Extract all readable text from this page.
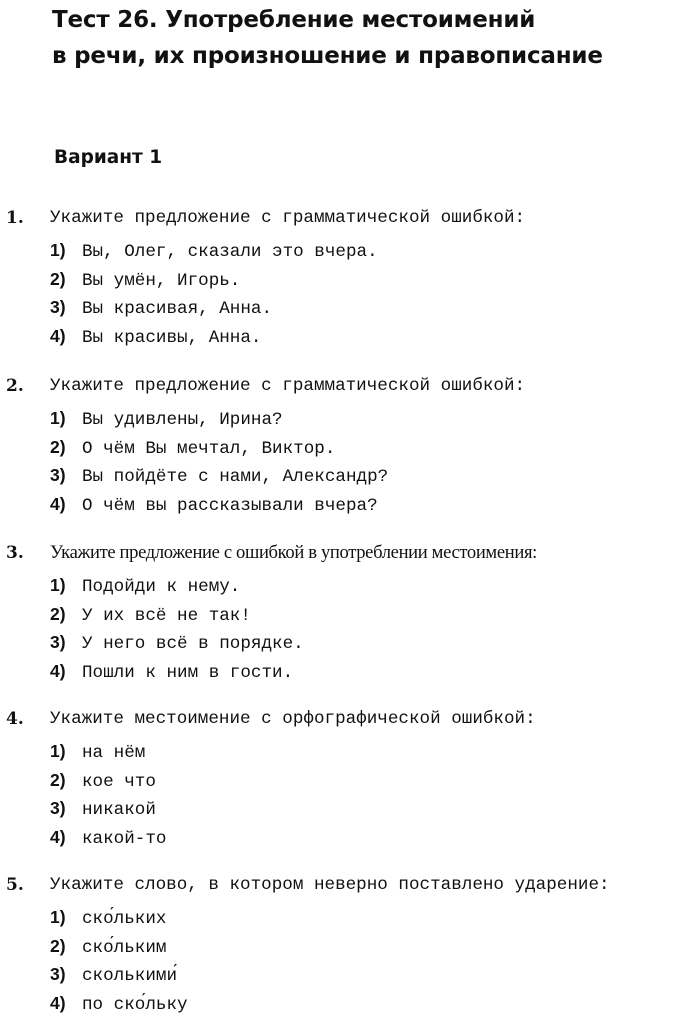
Тест 26. Употребление местоимений
в речи, их произношение и правописание
Вариант 1
1. Укажите предложение с грамматической ошибкой:
1) Вы, Олег, сказали это вчера.
2) Вы умён, Игорь.
3) Вы красивая, Анна.
4) Вы красивы, Анна.
2. Укажите предложение с грамматической ошибкой:
1) Вы удивлены, Ирина?
2) О чём Вы мечтал, Виктор.
3) Вы пойдёте с нами, Александр?
4) О чём вы рассказывали вчера?
3. Укажите предложение с ошибкой в употреблении местоимения:
1) Подойди к нему.
2) У их всё не так!
3) У него всё в порядке.
4) Пошли к ним в гости.
4. Укажите местоимение с орфографической ошибкой:
1) на нём
2) кое что
3) никакой
4) какой-то
5. Укажите слово, в котором неверно поставлено ударение:
1) ско́льких
2) ско́льким
3) сколькими́
4) по ско́льку
